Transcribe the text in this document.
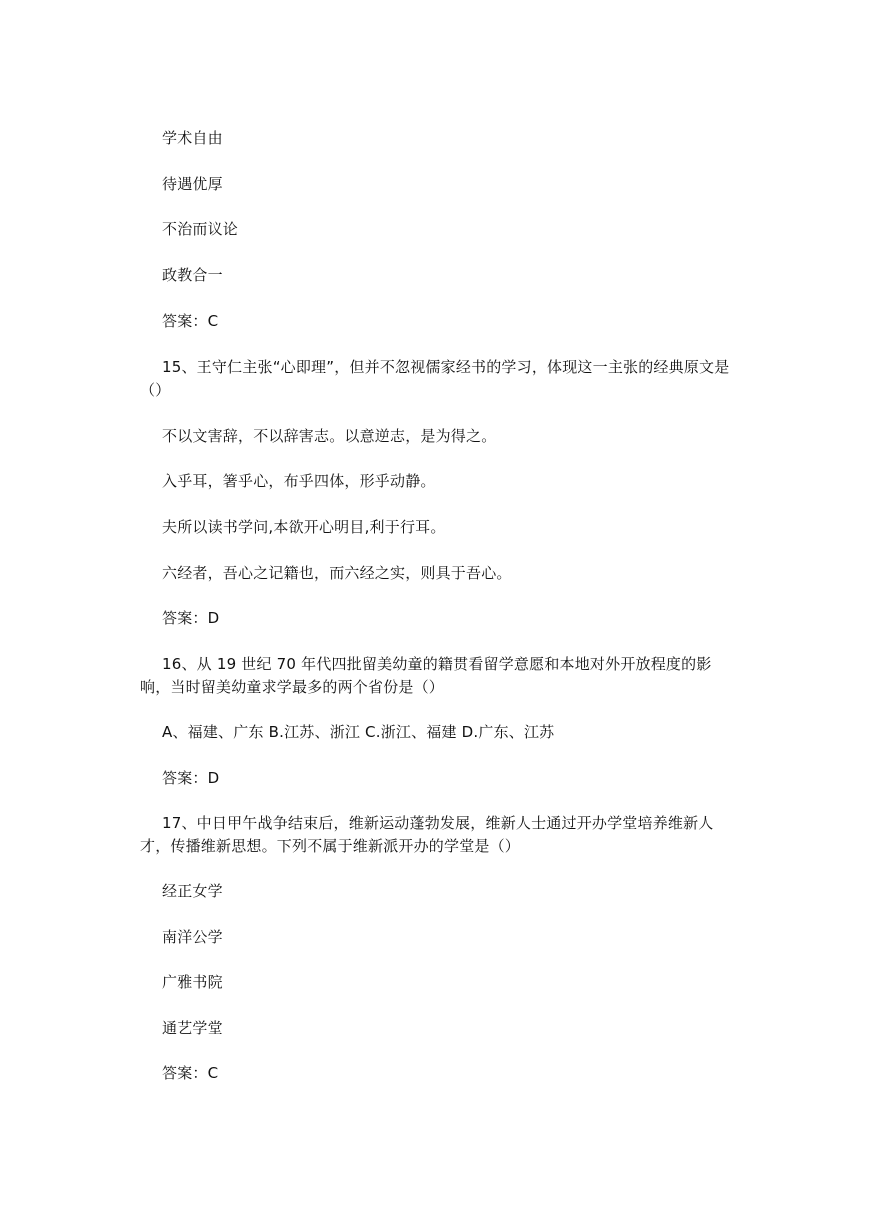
学术自由
待遇优厚
不治而议论
政教合一
答案：C
15、王守仁主张“心即理”，但并不忽视儒家经书的学习，体现这一主张的经典原文是（）
不以文害辞，不以辞害志。以意逆志，是为得之。
入乎耳，箸乎心，布乎四体，形乎动静。
夫所以读书学问,本欲开心明目,利于行耳。
六经者，吾心之记籍也，而六经之实，则具于吾心。
答案：D
16、从 19 世纪 70 年代四批留美幼童的籍贯看留学意愿和本地对外开放程度的影响，当时留美幼童求学最多的两个省份是（）
A、福建、广东 B.江苏、浙江 C.浙江、福建 D.广东、江苏
答案：D
17、中日甲午战争结束后，维新运动蓬勃发展，维新人士通过开办学堂培养维新人才，传播维新思想。下列不属于维新派开办的学堂是（）
经正女学
南洋公学
广雅书院
通艺学堂
答案：C
